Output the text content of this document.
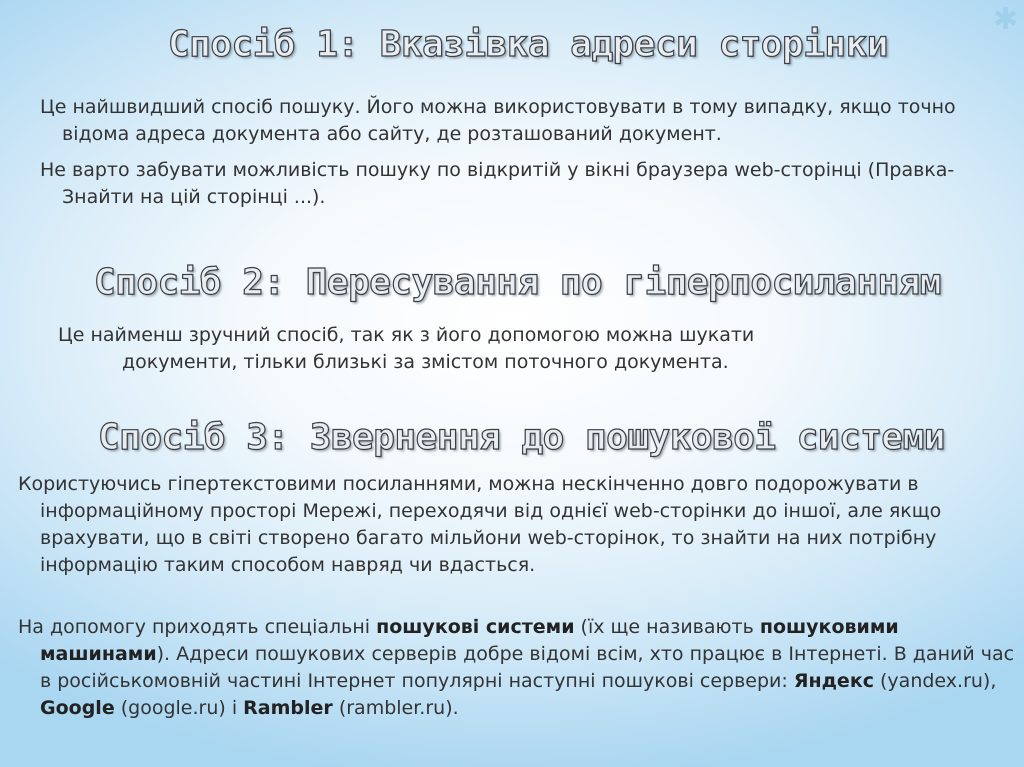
✱
Спосіб 1: Вказівка адреси сторінки

Це найшвидший спосіб пошуку. Його можна використовувати в тому випадку, якщо точно відома адреса документа або сайту, де розташований документ.

Не варто забувати можливість пошуку по відкритій у вікні браузера web-сторінці (Правка-Знайти на цій сторінці ...).

Спосіб 2: Пересування по гіперпосиланням

Це найменш зручний спосіб, так як з його допомогою можна шукати

документи, тільки близькі за змістом поточного документа.

Спосіб 3: Звернення до пошукової системи

Користуючись гіпертекстовими посиланнями, можна нескінченно довго подорожувати в інформаційному просторі Мережі, переходячи від однієї web-сторінки до іншої, але якщо врахувати, що в світі створено багато мільйони web-сторінок, то знайти на них потрібну інформацію таким способом навряд чи вдасться.

На допомогу приходять спеціальні пошукові системи (їх ще називають пошуковими машинами). Адреси пошукових серверів добре відомі всім, хто працює в Інтернеті. В даний час в російськомовній частині Інтернет популярні наступні пошукові сервери: Яндекс (yandex.ru), Google (google.ru) і Rambler (rambler.ru).
